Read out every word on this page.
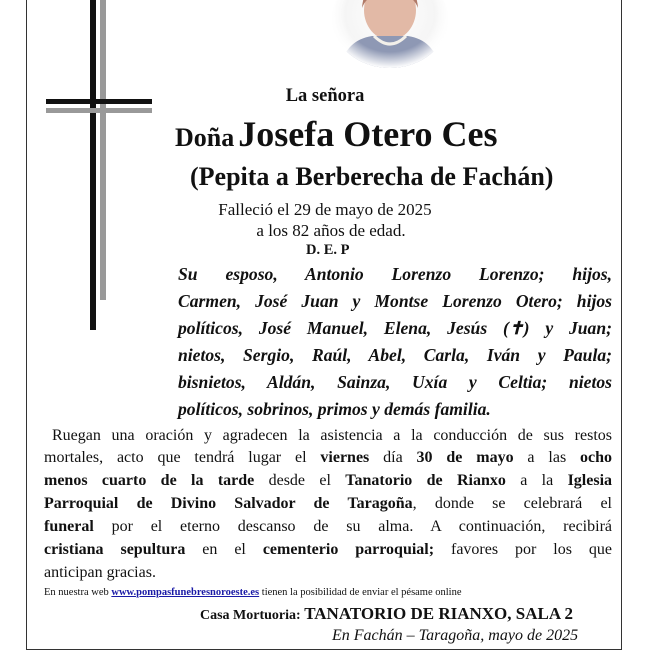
La señora
Doña Josefa Otero Ces
(Pepita a Berberecha de Fachán)
Falleció el 29 de mayo de 2025
a los 82 años de edad.
D. E. P
Su esposo, Antonio Lorenzo Lorenzo; hijos,
Carmen, José Juan y Montse Lorenzo Otero; hijos
políticos, José Manuel, Elena, Jesús (✝) y Juan;
nietos, Sergio, Raúl, Abel, Carla, Iván y Paula;
bisnietos, Aldán, Sainza, Uxía y Celtia; nietos
políticos, sobrinos, primos y demás familia.
Ruegan una oración y agradecen la asistencia a la conducción de sus restos
mortales, acto que tendrá lugar el viernes día 30 de mayo a las ocho
menos cuarto de la tarde desde el Tanatorio de Rianxo a la Iglesia
Parroquial de Divino Salvador de Taragoña, donde se celebrará el
funeral por el eterno descanso de su alma. A continuación, recibirá
cristiana sepultura en el cementerio parroquial; favores por los que
anticipan gracias.
En nuestra web www.pompasfunebresnoroeste.es tienen la posibilidad de enviar el pésame online
Casa Mortuoria: TANATORIO DE RIANXO, SALA 2
En Fachán – Taragoña, mayo de 2025
